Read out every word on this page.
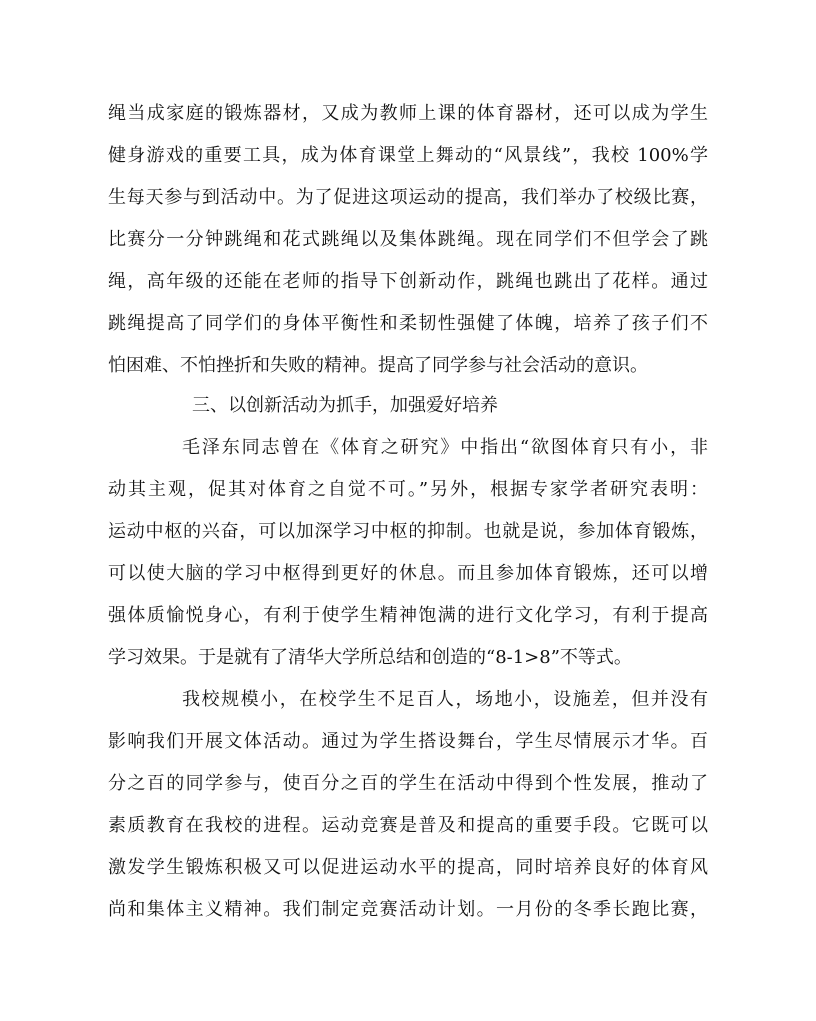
绳当成家庭的锻炼器材，又成为教师上课的体育器材，还可以成为学生
健身游戏的重要工具，成为体育课堂上舞动的“风景线”，我校 100%学
生每天参与到活动中。为了促进这项运动的提高，我们举办了校级比赛，
比赛分一分钟跳绳和花式跳绳以及集体跳绳。现在同学们不但学会了跳
绳，高年级的还能在老师的指导下创新动作，跳绳也跳出了花样。通过
跳绳提高了同学们的身体平衡性和柔韧性强健了体魄，培养了孩子们不
怕困难、不怕挫折和失败的精神。提高了同学参与社会活动的意识。
三、以创新活动为抓手，加强爱好培养
毛泽东同志曾在《体育之研究》中指出“欲图体育只有小，非
动其主观，促其对体育之自觉不可。”另外，根据专家学者研究表明：
运动中枢的兴奋，可以加深学习中枢的抑制。也就是说，参加体育锻炼，
可以使大脑的学习中枢得到更好的休息。而且参加体育锻炼，还可以增
强体质愉悦身心，有利于使学生精神饱满的进行文化学习，有利于提高
学习效果。于是就有了清华大学所总结和创造的“8-1>8”不等式。
我校规模小，在校学生不足百人，场地小，设施差，但并没有
影响我们开展文体活动。通过为学生搭设舞台，学生尽情展示才华。百
分之百的同学参与，使百分之百的学生在活动中得到个性发展，推动了
素质教育在我校的进程。运动竞赛是普及和提高的重要手段。它既可以
激发学生锻炼积极又可以促进运动水平的提高，同时培养良好的体育风
尚和集体主义精神。我们制定竞赛活动计划。一月份的冬季长跑比赛，
